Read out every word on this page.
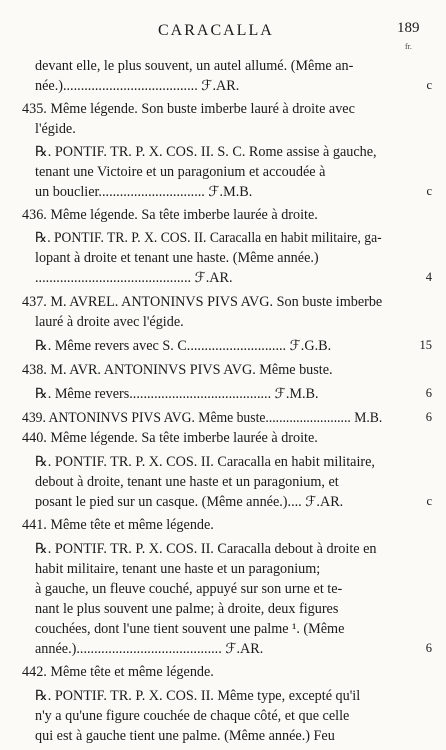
CARACALLA	189
fr.
devant elle, le plus souvent, un autel allumé. (Même an-
née.)...................................... ℱ.AR.
435. Même légende. Son buste imberbe lauré à droite avec
l'égide.
℞. PONTIF. TR. P. X. COS. II. S. C. Rome assise à gauche,
tenant une Victoire et un paragonium et accoudée à
un bouclier.............................. ℱ.M.B.
436. Même légende. Sa tête imberbe laurée à droite.
℞. PONTIF. TR. P. X. COS. II. Caracalla en habit militaire, ga-
lopant à droite et tenant une haste. (Même année.)
............................................ ℱ.AR.
437. M. AVREL. ANTONINVS PIVS AVG. Son buste imberbe
lauré à droite avec l'égide.
℞. Même revers avec S. C............................ ℱ.G.B.
438. M. AVR. ANTONINVS PIVS AVG. Même buste.
℞. Même revers........................................ ℱ.M.B.
439. ANTONINVS PIVS AVG. Même buste......................... M.B.
440. Même légende. Sa tête imberbe laurée à droite.
℞. PONTIF. TR. P. X. COS. II. Caracalla en habit militaire,
debout à droite, tenant une haste et un paragonium, et
posant le pied sur un casque. (Même année.).... ℱ.AR.
441. Même tête et même légende.
℞. PONTIF. TR. P. X. COS. II. Caracalla debout à droite en
habit militaire, tenant une haste et un paragonium;
à gauche, un fleuve couché, appuyé sur son urne et te-
nant le plus souvent une palme; à droite, deux figures
couchées, dont l'une tient souvent une palme ¹. (Même
année.)......................................... ℱ.AR.
442. Même tête et même légende.
℞. PONTIF. TR. P. X. COS. II. Même type, excepté qu'il
n'y a qu'une figure couchée de chaque côté, et que celle
qui est à gauche tient une palme. (Même année.) Feu
c
c
4
15
6
6
c
6
